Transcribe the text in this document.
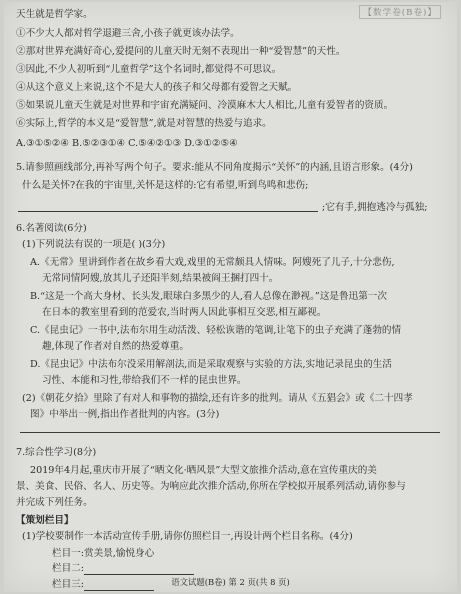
【数学卷(B卷)】
天生就是哲学家。
①不少大人都对哲学退避三舍,小孩子就更该办法学。
②那对世界充满好奇心,爱提问的儿童天时无刻不表现出一种“爱智慧”的天性。
③因此,不少人初听到“儿童哲学”这个名词时,都觉得不可思议。
④从这个意义上来说,这个不是大人的孩子和父母都有爱智之天赋。
⑤如果说儿童天生就是对世界和宇宙充满疑问、冷漠麻木大人相比,儿童有爱智者的资质。
⑥实际上,哲学的本义是“爱智慧”,就是对智慧的热爱与追求。
A.③①⑤②④ B.⑤②③①④ C.⑤④②①③ D.③①②⑤④
5.请参照画线部分,再补写两个句子。要求:能从不同角度揭示“关怀”的内涵,且语言形象。(4分)
什么是关怀?在我的宇宙里,关怀是这样的:它有希望,听到鸟鸣和悲伤;
;它有手,拥抱逃冷与孤独;
6.名著阅读(6分)
(1)下列说法有误的一项是( )(3分)
A.《无常》里讲到作者在故乡看大戏,戏里的无常颇具人情味。阿嫂死了儿子,十分悲伤,
无常同情阿嫂,放其儿子还阳半刻,结果被阎王捆打四十。
B.“这是一个高大身材、长头发,眼球白多黑少的人,看人总像在渺视。”这是鲁迅第一次
在日本的教室里看到的范爱农,当时两人因此事相互交恶,相互鄙视。
C.《昆虫记》一书中,法布尔用生动活泼、轻松诙谐的笔调,让笔下的虫子充满了蓬勃的情
趣,体现了作者对自然的热爱尊重。
D.《昆虫记》中法布尔没采用解剖法,而是采取观察与实验的方法,实地记录昆虫的生活
习性、本能和习性,带给我们不一样的昆虫世界。
(2)《朝花夕拾》里除了有对人和事物的描绘,还有许多的批判。请从《五猖会》或《二十四孝
图》中举出一例,指出作者批判的内容。(3分)
7.综合性学习(8分)
2019年4月起,重庆市开展了“晒文化·晒风景”大型文旅推介活动,意在宣传重庆的美
景、美食、民俗、名人、历史等。为响应此次推介活动,你所在学校拟开展系列活动,请你参与
并完成下列任务。
【策划栏目】
(1)学校要制作一本活动宣传手册,请你仿照栏目一,再设计两个栏目名称。(4分)
栏目一:赏美景,愉悦身心
栏目二:
栏目三:	语文试题(B卷) 第 2 页(共 8 页)
